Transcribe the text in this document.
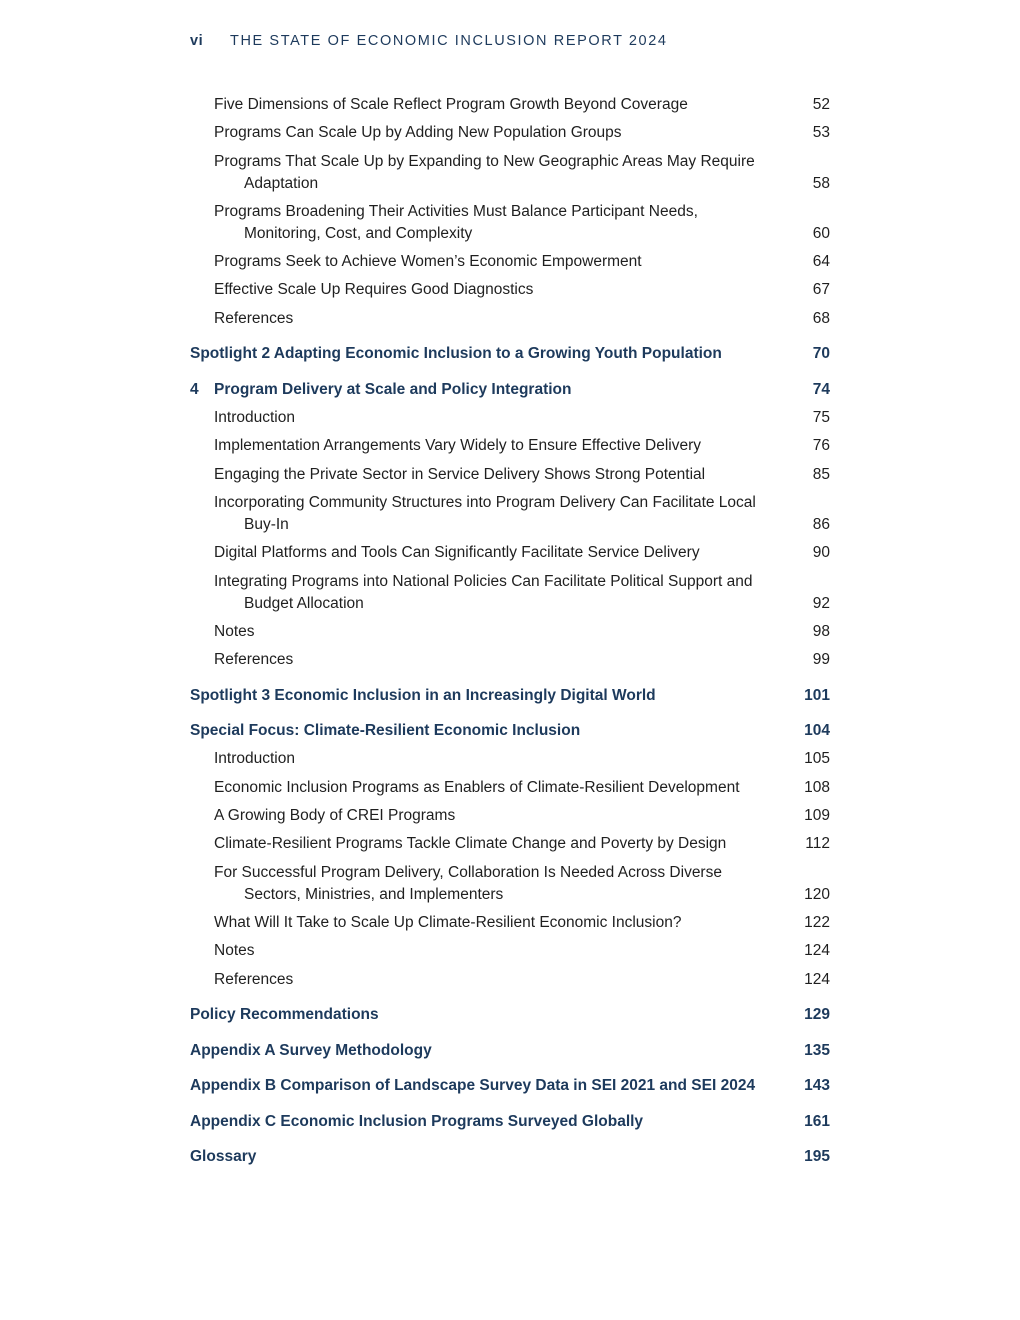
vi THE STATE OF ECONOMIC INCLUSION REPORT 2024
Five Dimensions of Scale Reflect Program Growth Beyond Coverage	52
Programs Can Scale Up by Adding New Population Groups	53
Programs That Scale Up by Expanding to New Geographic Areas May Require Adaptation	58
Programs Broadening Their Activities Must Balance Participant Needs, Monitoring, Cost, and Complexity	60
Programs Seek to Achieve Women’s Economic Empowerment	64
Effective Scale Up Requires Good Diagnostics	67
References	68
Spotlight 2 Adapting Economic Inclusion to a Growing Youth Population	70
4 Program Delivery at Scale and Policy Integration	74
Introduction	75
Implementation Arrangements Vary Widely to Ensure Effective Delivery	76
Engaging the Private Sector in Service Delivery Shows Strong Potential	85
Incorporating Community Structures into Program Delivery Can Facilitate Local Buy-In	86
Digital Platforms and Tools Can Significantly Facilitate Service Delivery	90
Integrating Programs into National Policies Can Facilitate Political Support and Budget Allocation	92
Notes	98
References	99
Spotlight 3 Economic Inclusion in an Increasingly Digital World	101
Special Focus: Climate-Resilient Economic Inclusion	104
Introduction	105
Economic Inclusion Programs as Enablers of Climate-Resilient Development	108
A Growing Body of CREI Programs	109
Climate-Resilient Programs Tackle Climate Change and Poverty by Design	112
For Successful Program Delivery, Collaboration Is Needed Across Diverse Sectors, Ministries, and Implementers	120
What Will It Take to Scale Up Climate-Resilient Economic Inclusion?	122
Notes	124
References	124
Policy Recommendations	129
Appendix A Survey Methodology	135
Appendix B Comparison of Landscape Survey Data in SEI 2021 and SEI 2024	143
Appendix C Economic Inclusion Programs Surveyed Globally	161
Glossary	195
